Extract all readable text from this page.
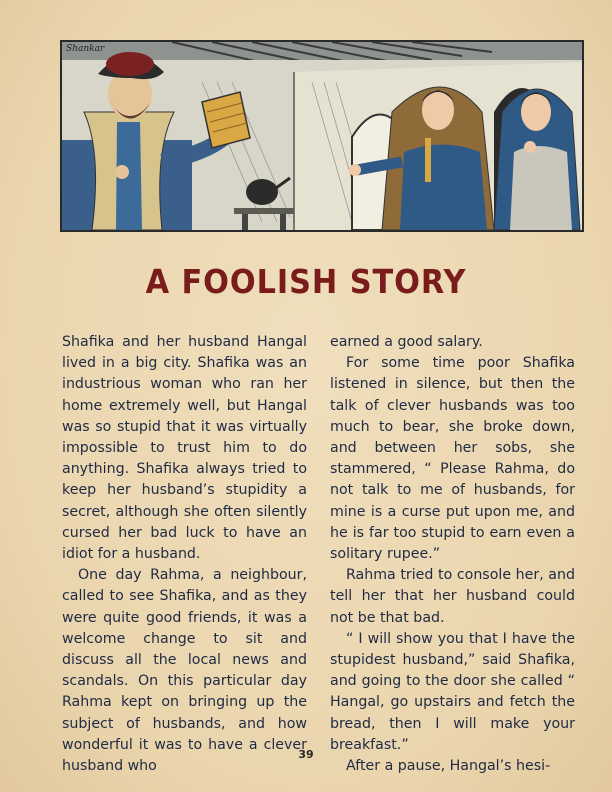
Shankar
A FOOLISH STORY

Shafika and her husband Hangal lived in a big city. Shafika was an industrious woman who ran her home extremely well, but Hangal was so stupid that it was virtually impossible to trust him to do anything. Shafika always tried to keep her husband’s stupidity a secret, although she often silently cursed her bad luck to have an idiot for a husband.

One day Rahma, a neighbour, called to see Shafika, and as they were quite good friends, it was a welcome change to sit and discuss all the local news and scandals. On this particular day Rahma kept on bringing up the subject of husbands, and how wonderful it was to have a clever husband who

earned a good salary.

For some time poor Shafika listened in silence, but then the talk of clever husbands was too much to bear, she broke down, and between her sobs, she stammered, “ Please Rahma, do not talk to me of husbands, for mine is a curse put upon me, and he is far too stupid to earn even a solitary rupee.”

Rahma tried to console her, and tell her that her husband could not be that bad.

“ I will show you that I have the stupidest husband,” said Shafika, and going to the door she called “ Hangal, go upstairs and fetch the bread, then I will make your breakfast.”

After a pause, Hangal’s hesi-

39
